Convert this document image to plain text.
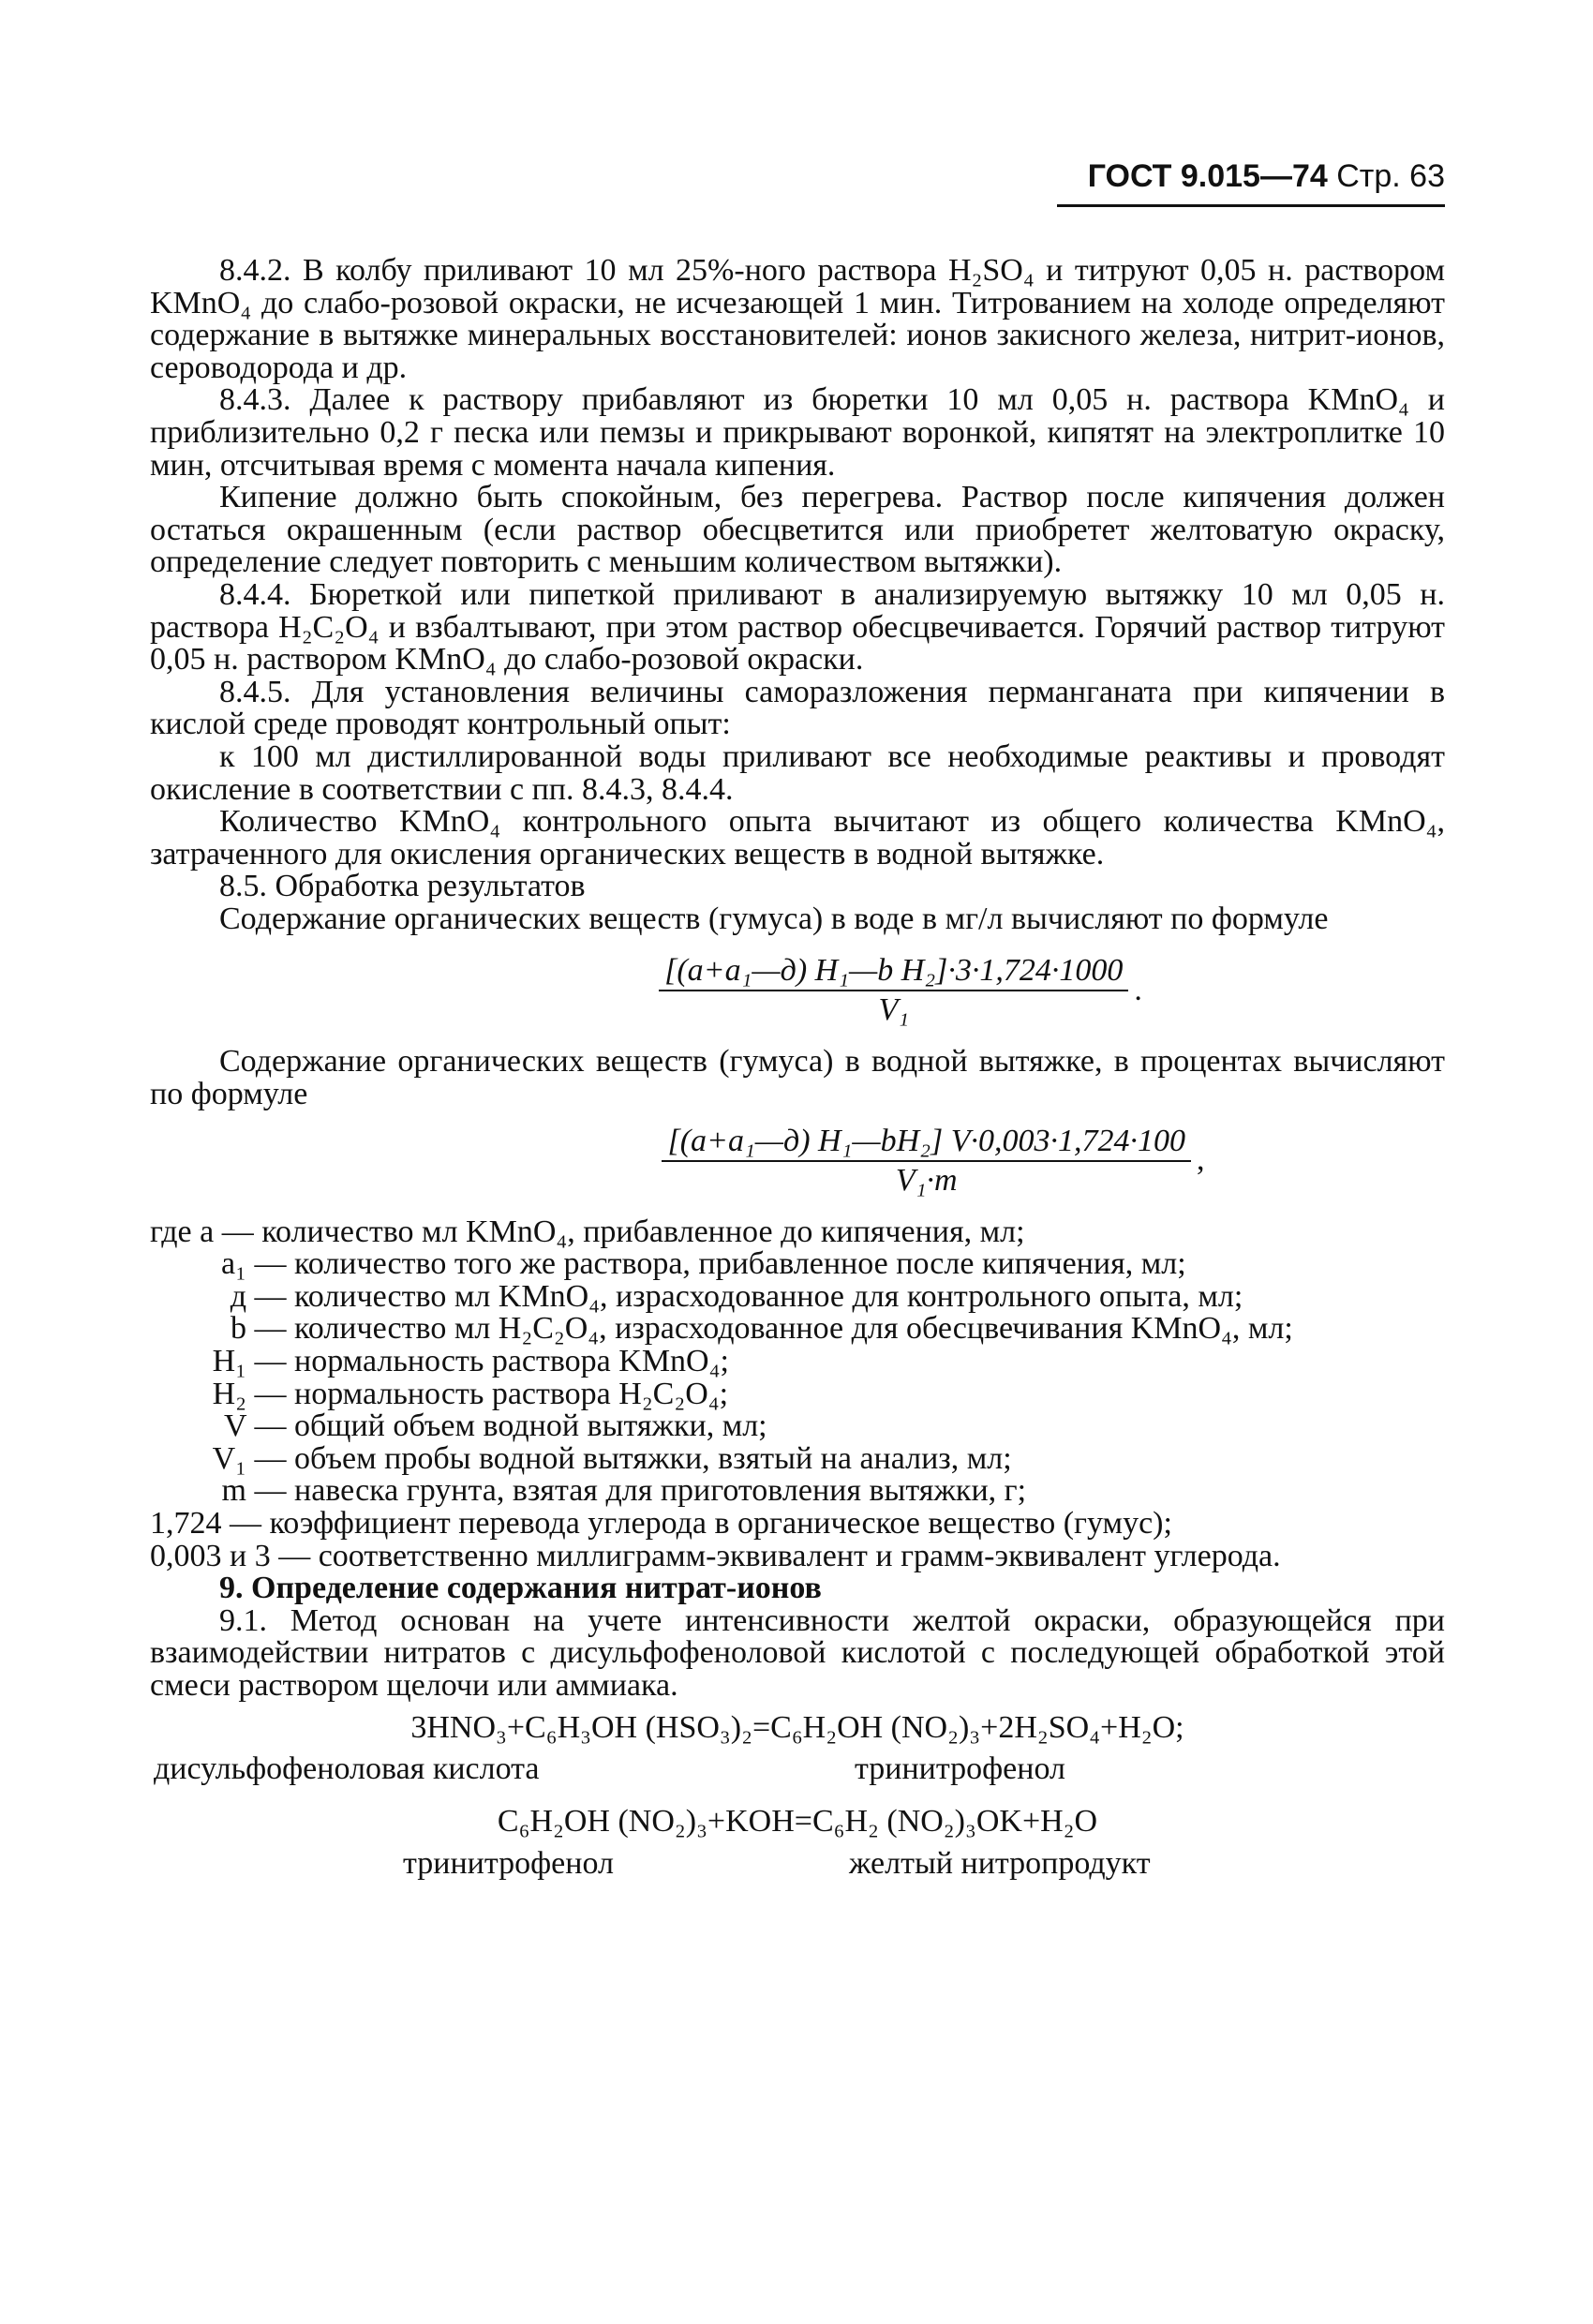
ГОСТ 9.015—74 Стр. 63

8.4.2. В колбу приливают 10 мл 25%-ного раствора H₂SO₄ и титруют 0,05 н. раствором KMnO₄ до слабо-розовой окраски, не исчезающей 1 мин. Титрованием на холоде определяют содержание в вытяжке минеральных восстановителей: ионов закисного железа, нитрит-ионов, сероводорода и др.

8.4.3. Далее к раствору прибавляют из бюретки 10 мл 0,05 н. раствора KMnO₄ и приблизительно 0,2 г песка или пемзы и прикрывают воронкой, кипятят на электроплитке 10 мин, отсчитывая время с момента начала кипения.

Кипение должно быть спокойным, без перегрева. Раствор после кипячения должен остаться окрашенным (если раствор обесцветится или приобретет желтоватую окраску, определение следует повторить с меньшим количеством вытяжки).

8.4.4. Бюреткой или пипеткой приливают в анализируемую вытяжку 10 мл 0,05 н. раствора H₂C₂O₄ и взбалтывают, при этом раствор обесцвечивается. Горячий раствор титруют 0,05 н. раствором KMnO₄ до слабо-розовой окраски.

8.4.5. Для установления величины саморазложения перманганата при кипячении в кислой среде проводят контрольный опыт:

к 100 мл дистиллированной воды приливают все необходимые реактивы и проводят окисление в соответствии с пп. 8.4.3, 8.4.4.

Количество KMnO₄ контрольного опыта вычитают из общего количества KMnO₄, затраченного для окисления органических веществ в водной вытяжке.

8.5. Обработка результатов

Содержание органических веществ (гумуса) в воде в мг/л вычисляют по формуле

$\frac{\text{[(a+a₁—д) H₁—b H₂]·3·1,724·1000}}{\text{V₁}}$ .

Содержание органических веществ (гумуса) в водной вытяжке, в процентах вычисляют по формуле

$\frac{\text{[(a+a₁—д) H₁—bH₂] V·0,003·1,724·100}}{\text{V₁·m}}$ ,
где a — количество мл KMnO₄, прибавленное до кипячения, мл;
a₁ — количество того же раствора, прибавленное после кипячения, мл;
д — количество мл KMnO₄, израсходованное для контрольного опыта, мл;
b — количество мл H₂C₂O₄, израсходованное для обесцвечивания KMnO₄, мл;
H₁ — нормальность раствора KMnO₄;
H₂ — нормальность раствора H₂C₂O₄;
V — общий объем водной вытяжки, мл;
V₁ — объем пробы водной вытяжки, взятый на анализ, мл;
m — навеска грунта, взятая для приготовления вытяжки, г;
1,724 — коэффициент перевода углерода в органическое вещество (гумус);
0,003 и 3 — соответственно миллиграмм-эквивалент и грамм-эквивалент углерода.

9. Определение содержания нитрат-ионов

9.1. Метод основан на учете интенсивности желтой окраски, образующейся при взаимодействии нитратов с дисульфофеноловой кислотой с последующей обработкой этой смеси раствором щелочи или аммиака.

3HNO₃+C₆H₃OH (HSO₃)₂=C₆H₂OH (NO₂)₃+2H₂SO₄+H₂O;
дисульфофеноловая кислота	тринитрофенол
C₆H₂OH (NO₂)₃+KOH=C₆H₂ (NO₂)₃OK+H₂O
тринитрофенол	желтый нитропродукт
